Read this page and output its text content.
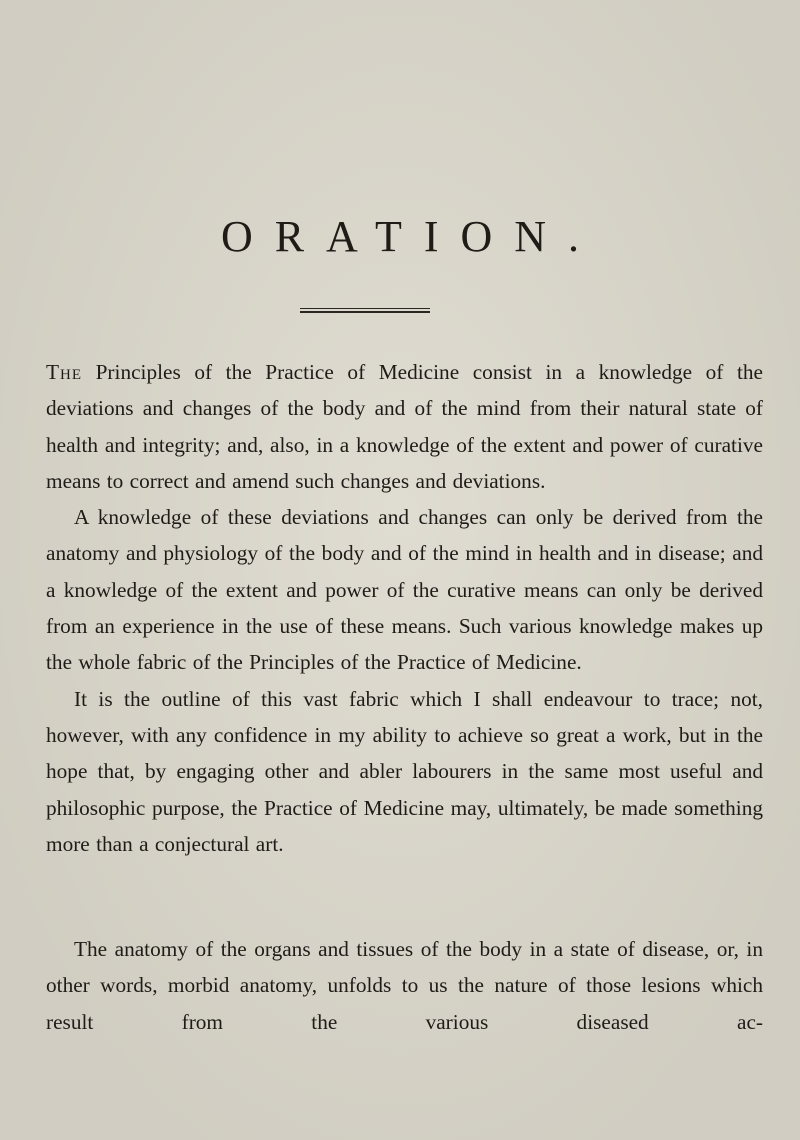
ORATION.

The Principles of the Practice of Medicine consist in a knowledge of the deviations and changes of the body and of the mind from their natural state of health and integrity; and, also, in a knowledge of the extent and power of curative means to correct and amend such changes and deviations.

A knowledge of these deviations and changes can only be derived from the anatomy and physiology of the body and of the mind in health and in disease; and a knowledge of the extent and power of the curative means can only be derived from an experience in the use of these means. Such various knowledge makes up the whole fabric of the Principles of the Practice of Medicine.

It is the outline of this vast fabric which I shall endeavour to trace; not, however, with any confidence in my ability to achieve so great a work, but in the hope that, by engaging other and abler labourers in the same most useful and philosophic purpose, the Practice of Medicine may, ultimately, be made something more than a conjectural art.

The anatomy of the organs and tissues of the body in a state of disease, or, in other words, morbid anatomy, unfolds to us the nature of those lesions which result from the various diseased ac-
